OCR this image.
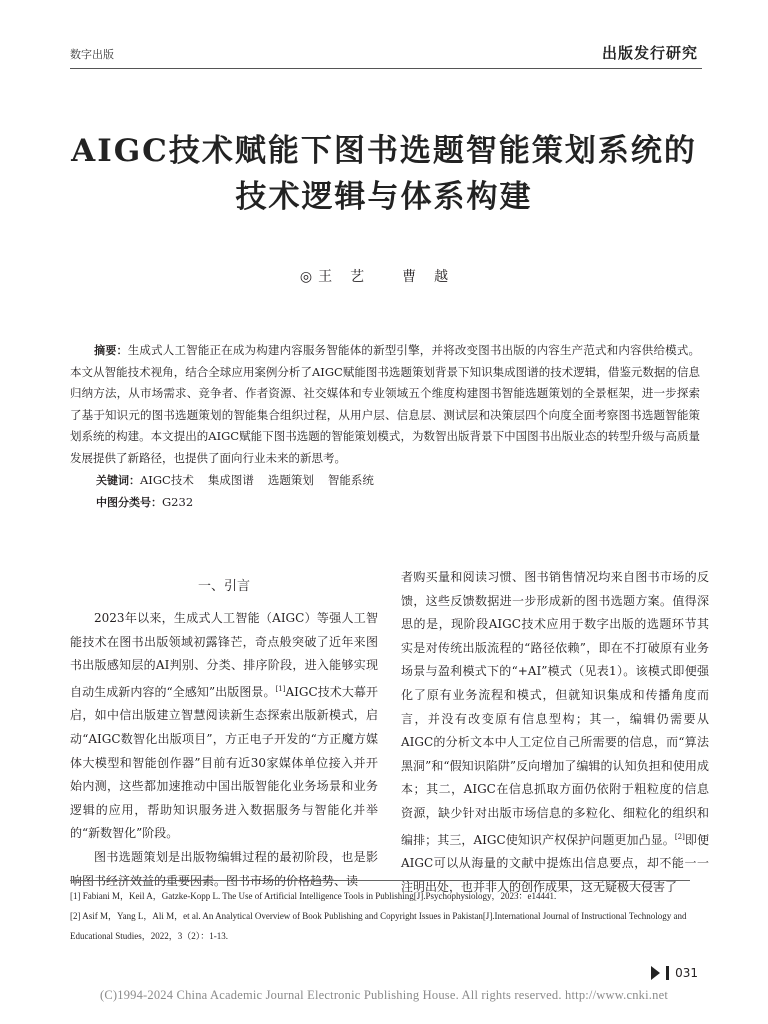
数字出版	出版发行研究
AIGC技术赋能下图书选题智能策划系统的
技术逻辑与体系构建
◎ 王　艺	曹　越
摘要：生成式人工智能正在成为构建内容服务智能体的新型引擎，并将改变图书出版的内容生产范式和内容供给模式。本文从智能技术视角，结合全球应用案例分析了AIGC赋能图书选题策划背景下知识集成图谱的技术逻辑，借鉴元数据的信息归纳方法，从市场需求、竞争者、作者资源、社交媒体和专业领域五个维度构建图书智能选题策划的全景框架，进一步探索了基于知识元的图书选题策划的智能集合组织过程，从用户层、信息层、测试层和决策层四个向度全面考察图书选题智能策划系统的构建。本文提出的AIGC赋能下图书选题的智能策划模式，为数智出版背景下中国图书出版业态的转型升级与高质量发展提供了新路径，也提供了面向行业未来的新思考。
关键词：AIGC技术 集成图谱 选题策划 智能系统
中图分类号：G232
一、引言

2023年以来，生成式人工智能（AIGC）等强人工智能技术在图书出版领域初露锋芒，奇点般突破了近年来图书出版感知层的AI判别、分类、排序阶段，进入能够实现自动生成新内容的“全感知”出版图景。[1]AIGC技术大幕开启，如中信出版建立智慧阅读新生态探索出版新模式，启动“AIGC数智化出版项目”，方正电子开发的“方正魔方媒体大模型和智能创作器”目前有近30家媒体单位接入并开始内测，这些都加速推动中国出版智能化业务场景和业务逻辑的应用，帮助知识服务进入数据服务与智能化并举的“新数智化”阶段。

图书选题策划是出版物编辑过程的最初阶段，也是影响图书经济效益的重要因素。图书市场的价格趋势、读

者购买量和阅读习惯、图书销售情况均来自图书市场的反馈，这些反馈数据进一步形成新的图书选题方案。值得深思的是，现阶段AIGC技术应用于数字出版的选题环节其实是对传统出版流程的“路径依赖”，即在不打破原有业务场景与盈利模式下的“+AI”模式（见表1）。该模式即便强化了原有业务流程和模式，但就知识集成和传播角度而言，并没有改变原有信息型构；其一，编辑仍需要从AIGC的分析文本中人工定位自己所需要的信息，而“算法黑洞”和“假知识陷阱”反向增加了编辑的认知负担和使用成本；其二，AIGC在信息抓取方面仍依附于粗粒度的信息资源，缺少针对出版市场信息的多粒化、细粒化的组织和编排；其三，AIGC使知识产权保护问题更加凸显。[2]即便AIGC可以从海量的文献中提炼出信息要点，却不能一一注明出处，也并非人的创作成果，这无疑极大侵害了

[1] Fabiani M，Keil A，Gatzke-Kopp L. The Use of Artificial Intelligence Tools in Publishing[J].Psychophysiology，2023：e14441.

[2] Asif M，Yang L，Ali M，et al. An Analytical Overview of Book Publishing and Copyright Issues in Pakistan[J].International Journal of Instructional Technology and Educational Studies，2022，3（2）：1-13.

031
(C)1994-2024 China Academic Journal Electronic Publishing House. All rights reserved. http://www.cnki.net
